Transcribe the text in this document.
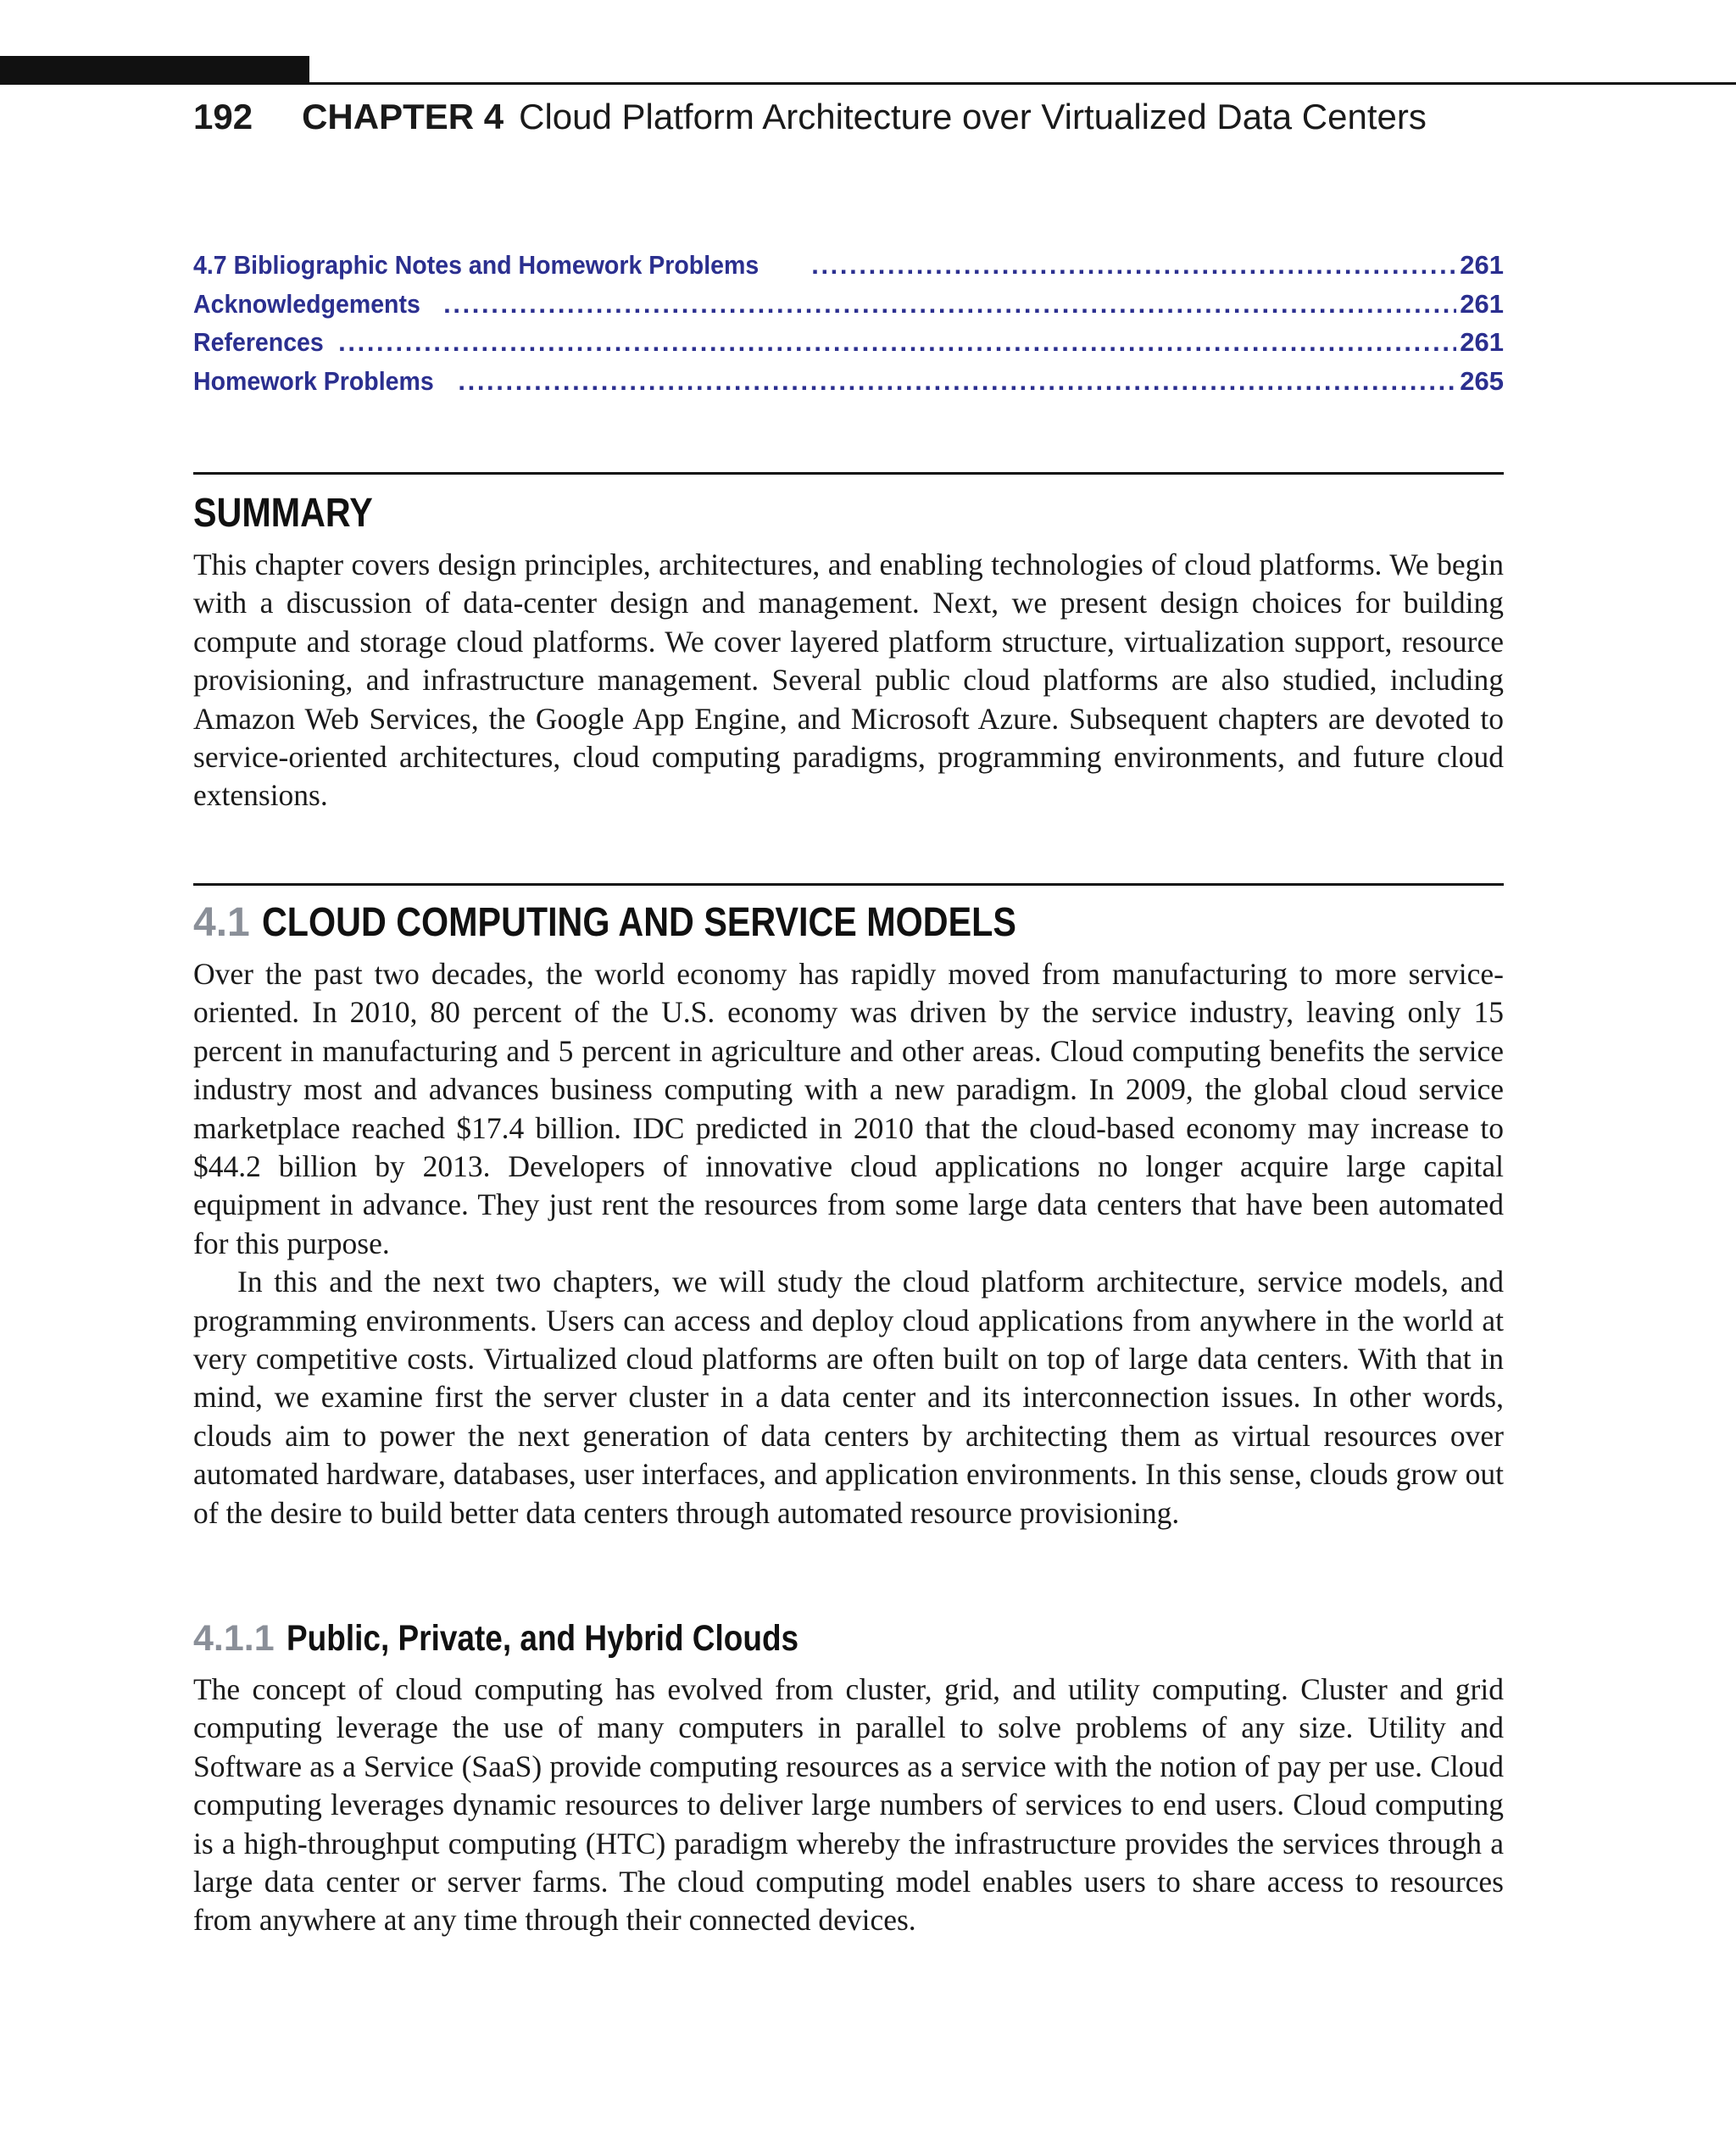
192 CHAPTER 4 Cloud Platform Architecture over Virtualized Data Centers
4.7 Bibliographic Notes and Homework Problems . . .	261
Acknowledgements . . .	261
References . . .	261
Homework Problems . . .	265
SUMMARY

This chapter covers design principles, architectures, and enabling technologies of cloud platforms. We begin with a discussion of data-center design and management. Next, we present design choices for building compute and storage cloud platforms. We cover layered platform structure, virtualization support, resource provisioning, and infrastructure management. Several public cloud platforms are also studied, including Amazon Web Services, the Google App Engine, and Microsoft Azure. Subsequent chapters are devoted to service-oriented architectures, cloud computing paradigms, programming environments, and future cloud extensions.

4.1 CLOUD COMPUTING AND SERVICE MODELS

Over the past two decades, the world economy has rapidly moved from manufacturing to more service-oriented. In 2010, 80 percent of the U.S. economy was driven by the service industry, leaving only 15 percent in manufacturing and 5 percent in agriculture and other areas. Cloud computing benefits the service industry most and advances business computing with a new paradigm. In 2009, the global cloud service marketplace reached $17.4 billion. IDC predicted in 2010 that the cloud-based economy may increase to $44.2 billion by 2013. Developers of innovative cloud applications no longer acquire large capital equipment in advance. They just rent the resources from some large data centers that have been automated for this purpose.

In this and the next two chapters, we will study the cloud platform architecture, service models, and programming environments. Users can access and deploy cloud applications from anywhere in the world at very competitive costs. Virtualized cloud platforms are often built on top of large data centers. With that in mind, we examine first the server cluster in a data center and its interconnection issues. In other words, clouds aim to power the next generation of data centers by architecting them as virtual resources over automated hardware, databases, user interfaces, and application environments. In this sense, clouds grow out of the desire to build better data centers through automated resource provisioning.

4.1.1 Public, Private, and Hybrid Clouds

The concept of cloud computing has evolved from cluster, grid, and utility computing. Cluster and grid computing leverage the use of many computers in parallel to solve problems of any size. Utility and Software as a Service (SaaS) provide computing resources as a service with the notion of pay per use. Cloud computing leverages dynamic resources to deliver large numbers of services to end users. Cloud computing is a high-throughput computing (HTC) paradigm whereby the infrastructure provides the services through a large data center or server farms. The cloud computing model enables users to share access to resources from anywhere at any time through their connected devices.
